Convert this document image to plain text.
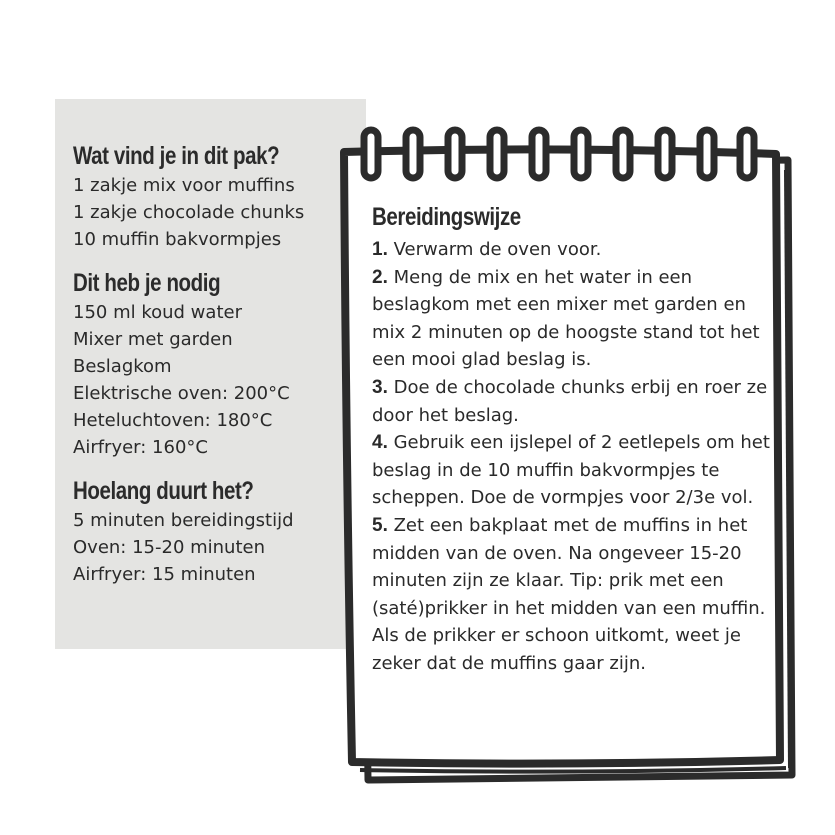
Wat vind je in dit pak?
1 zakje mix voor muffins
1 zakje chocolade chunks
10 muffin bakvormpjes
Dit heb je nodig
150 ml koud water
Mixer met garden
Beslagkom
Elektrische oven: 200°C
Heteluchtoven: 180°C
Airfryer: 160°C
Hoelang duurt het?
5 minuten bereidingstijd
Oven: 15-20 minuten
Airfryer: 15 minuten
Bereidingswijze
1. Verwarm de oven voor.
2. Meng de mix en het water in een beslagkom met een mixer met garden en mix 2 minuten op de hoogste stand tot het een mooi glad beslag is.
3. Doe de chocolade chunks erbij en roer ze door het beslag.
4. Gebruik een ijslepel of 2 eetlepels om het beslag in de 10 muffin bakvormpjes te scheppen. Doe de vormpjes voor 2/3e vol.
5. Zet een bakplaat met de muffins in het midden van de oven. Na ongeveer 15-20 minuten zijn ze klaar. Tip: prik met een (saté)prikker in het midden van een muffin. Als de prikker er schoon uitkomt, weet je zeker dat de muffins gaar zijn.
